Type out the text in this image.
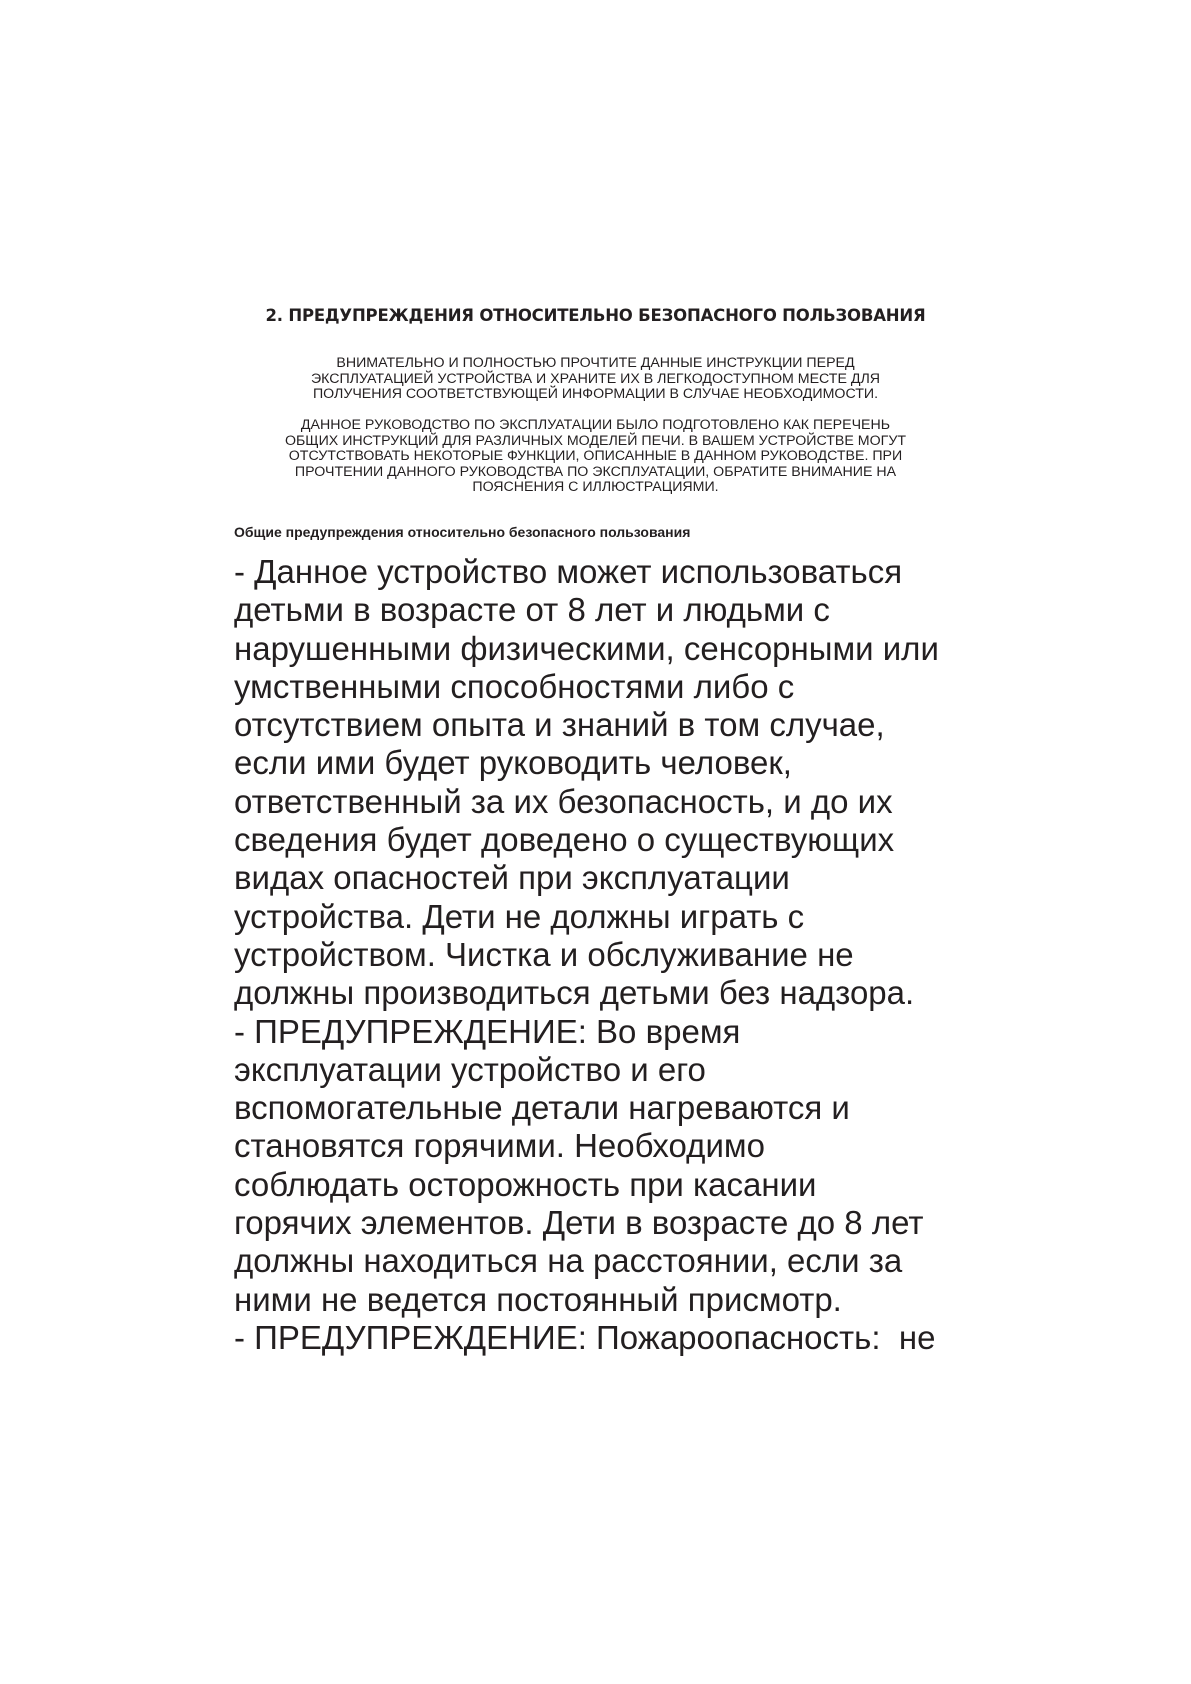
2. ПРЕДУПРЕЖДЕНИЯ ОТНОСИТЕЛЬНО БЕЗОПАСНОГО ПОЛЬЗОВАНИЯ

ВНИМАТЕЛЬНО И ПОЛНОСТЬЮ ПРОЧТИТЕ ДАННЫЕ ИНСТРУКЦИИ ПЕРЕД
ЭКСПЛУАТАЦИЕЙ УСТРОЙСТВА И ХРАНИТЕ ИХ В ЛЕГКОДОСТУПНОМ МЕСТЕ ДЛЯ
ПОЛУЧЕНИЯ СООТВЕТСТВУЮЩЕЙ ИНФОРМАЦИИ В СЛУЧАЕ НЕОБХОДИМОСТИ.

ДАННОЕ РУКОВОДСТВО ПО ЭКСПЛУАТАЦИИ БЫЛО ПОДГОТОВЛЕНО КАК ПЕРЕЧЕНЬ
ОБЩИХ ИНСТРУКЦИЙ ДЛЯ РАЗЛИЧНЫХ МОДЕЛЕЙ ПЕЧИ. В ВАШЕМ УСТРОЙСТВЕ МОГУТ
ОТСУТСТВОВАТЬ НЕКОТОРЫЕ ФУНКЦИИ, ОПИСАННЫЕ В ДАННОМ РУКОВОДСТВЕ. ПРИ
ПРОЧТЕНИИ ДАННОГО РУКОВОДСТВА ПО ЭКСПЛУАТАЦИИ, ОБРАТИТЕ ВНИМАНИЕ НА
ПОЯСНЕНИЯ С ИЛЛЮСТРАЦИЯМИ.

Общие предупреждения относительно безопасного пользования
- Данное устройство может использоваться
детьми в возрасте от 8 лет и людьми с
нарушенными физическими, сенсорными или
умственными способностями либо с
отсутствием опыта и знаний в том случае,
если ими будет руководить человек,
ответственный за их безопасность, и до их
сведения будет доведено о существующих
видах опасностей при эксплуатации
устройства. Дети не должны играть с
устройством. Чистка и обслуживание не
должны производиться детьми без надзора.
- ПРЕДУПРЕЖДЕНИЕ: Во время
эксплуатации устройство и его
вспомогательные детали нагреваются и
становятся горячими. Необходимо
соблюдать осторожность при касании
горячих элементов. Дети в возрасте до 8 лет
должны находиться на расстоянии, если за
ними не ведется постоянный присмотр.
- ПРЕДУПРЕЖДЕНИЕ: Пожароопасность:  не
